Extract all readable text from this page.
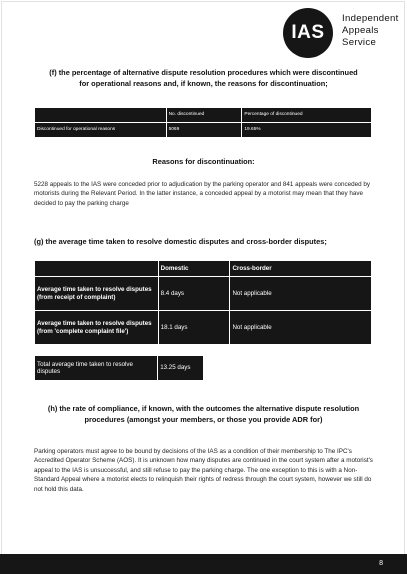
IAS
Independent
Appeals
Service
(f) the percentage of alternative dispute resolution procedures which were discontinued
for operational reasons and, if known, the reasons for discontinuation;
	No. discontinued	Percentage of discontinued
Discontinued for operational reasons	5069	19.65%
Reasons for discontinuation:
5228 appeals to the IAS were conceded prior to adjudication by the parking operator and 841 appeals were conceded by motorists during the Relevant Period. In the latter instance, a conceded appeal by a motorist may mean that they have decided to pay the parking charge
(g) the average time taken to resolve domestic disputes and cross-border disputes;
	Domestic	Cross-border
Average time taken to resolve disputes (from receipt of complaint)	8.4 days	Not applicable
Average time taken to resolve disputes (from 'complete complaint file')	18.1 days	Not applicable
Total average time taken to resolve disputes	13.25 days
(h) the rate of compliance, if known, with the outcomes the alternative dispute resolution
procedures (amongst your members, or those you provide ADR for)
Parking operators must agree to be bound by decisions of the IAS as a condition of their membership to The IPC's Accredited Operator Scheme (AOS). It is unknown how many disputes are continued in the court system after a motorist's appeal to the IAS is unsuccessful, and still refuse to pay the parking charge. The one exception to this is with a Non-Standard Appeal where a motorist elects to relinquish their rights of redress through the court system, however we still do not hold this data.
8
